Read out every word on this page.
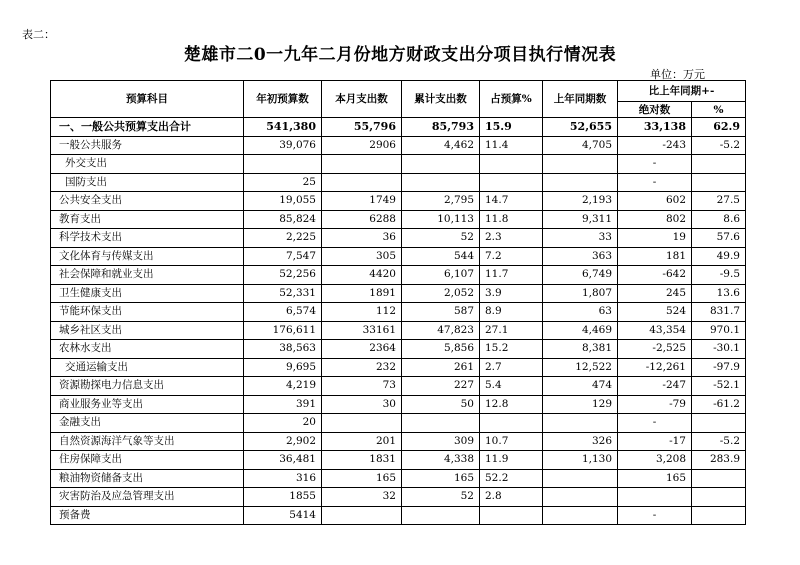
表二：
楚雄市二0一九年二月份地方财政支出分项目执行情况表
单位：万元
预算科目	年初预算数	本月支出数	累计支出数	占预算%	上年同期数	比上年同期+-	
						绝对数	%
一、一般公共预算支出合计	541,380	55,796	85,793	15.9	52,655	33,138	62.9
一般公共服务	39,076	2906	4,462	11.4	4,705	-243	-5.2
外交支出						-	
国防支出	25					-	
公共安全支出	19,055	1749	2,795	14.7	2,193	602	27.5
教育支出	85,824	6288	10,113	11.8	9,311	802	8.6
科学技术支出	2,225	36	52	2.3	33	19	57.6
文化体育与传媒支出	7,547	305	544	7.2	363	181	49.9
社会保障和就业支出	52,256	4420	6,107	11.7	6,749	-642	-9.5
卫生健康支出	52,331	1891	2,052	3.9	1,807	245	13.6
节能环保支出	6,574	112	587	8.9	63	524	831.7
城乡社区支出	176,611	33161	47,823	27.1	4,469	43,354	970.1
农林水支出	38,563	2364	5,856	15.2	8,381	-2,525	-30.1
交通运输支出	9,695	232	261	2.7	12,522	-12,261	-97.9
资源勘探电力信息支出	4,219	73	227	5.4	474	-247	-52.1
商业服务业等支出	391	30	50	12.8	129	-79	-61.2
金融支出	20					-	
自然资源海洋气象等支出	2,902	201	309	10.7	326	-17	-5.2
住房保障支出	36,481	1831	4,338	11.9	1,130	3,208	283.9
粮油物资储备支出	316	165	165	52.2		165	
灾害防治及应急管理支出	1855	32	52	2.8			
预备费	5414					-	
